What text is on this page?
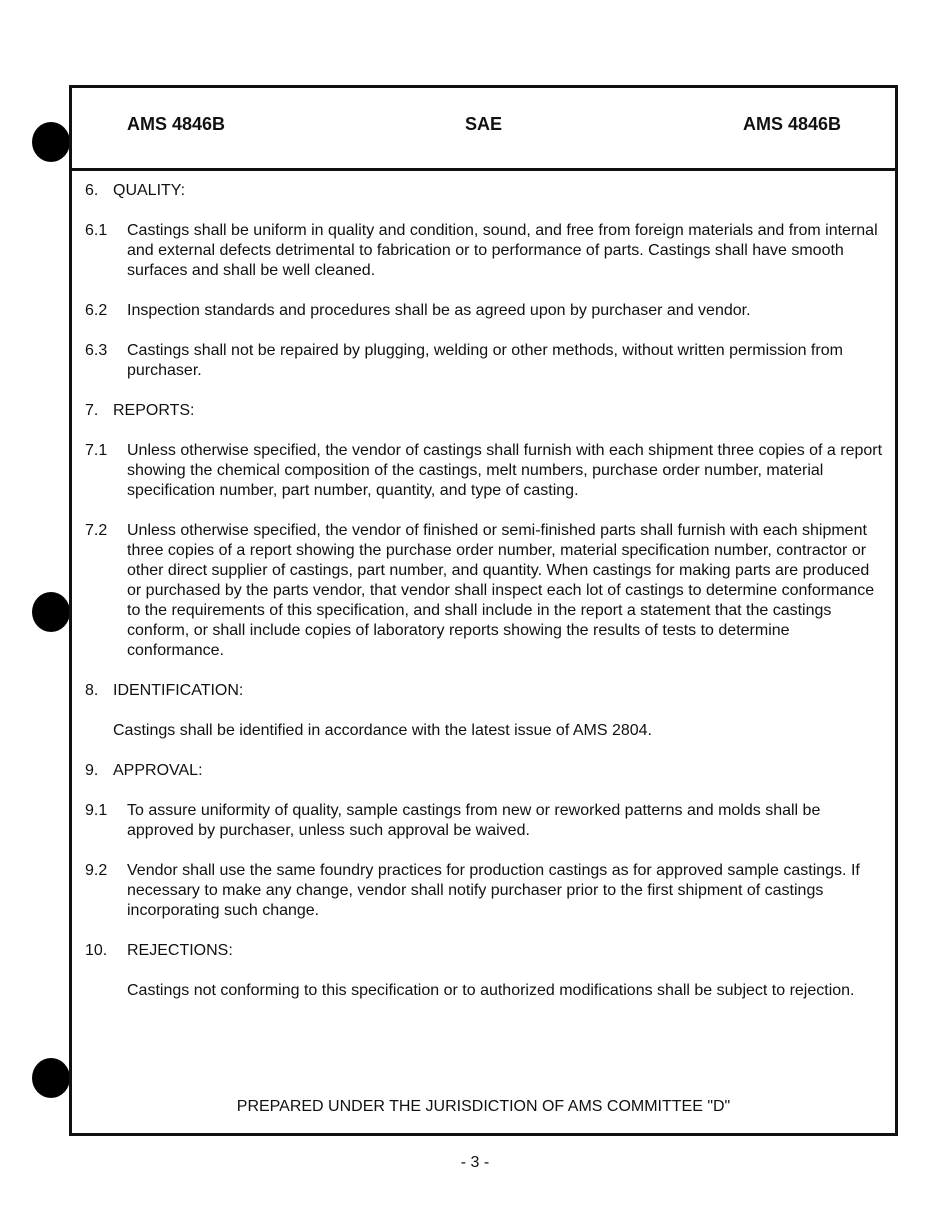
AMS 4846B	SAE	AMS 4846B
6. QUALITY:
6.1	Castings shall be uniform in quality and condition, sound, and free from foreign materials and from internal and external defects detrimental to fabrication or to performance of parts. Castings shall have smooth surfaces and shall be well cleaned.
6.2	Inspection standards and procedures shall be as agreed upon by purchaser and vendor.
6.3	Castings shall not be repaired by plugging, welding or other methods, without written permission from purchaser.
7. REPORTS:
7.1	Unless otherwise specified, the vendor of castings shall furnish with each shipment three copies of a report showing the chemical composition of the castings, melt numbers, purchase order number, material specification number, part number, quantity, and type of casting.
7.2	Unless otherwise specified, the vendor of finished or semi-finished parts shall furnish with each shipment three copies of a report showing the purchase order number, material specification number, contractor or other direct supplier of castings, part number, and quantity. When castings for making parts are produced or purchased by the parts vendor, that vendor shall inspect each lot of castings to determine conformance to the requirements of this specification, and shall include in the report a statement that the castings conform, or shall include copies of laboratory reports showing the results of tests to determine conformance.
8. IDENTIFICATION:
Castings shall be identified in accordance with the latest issue of AMS 2804.
9. APPROVAL:
9.1	To assure uniformity of quality, sample castings from new or reworked patterns and molds shall be approved by purchaser, unless such approval be waived.
9.2	Vendor shall use the same foundry practices for production castings as for approved sample castings. If necessary to make any change, vendor shall notify purchaser prior to the first shipment of castings incorporating such change.
10.	REJECTIONS:
Castings not conforming to this specification or to authorized modifications shall be subject to rejection.
PREPARED UNDER THE JURISDICTION OF AMS COMMITTEE "D"
- 3 -
